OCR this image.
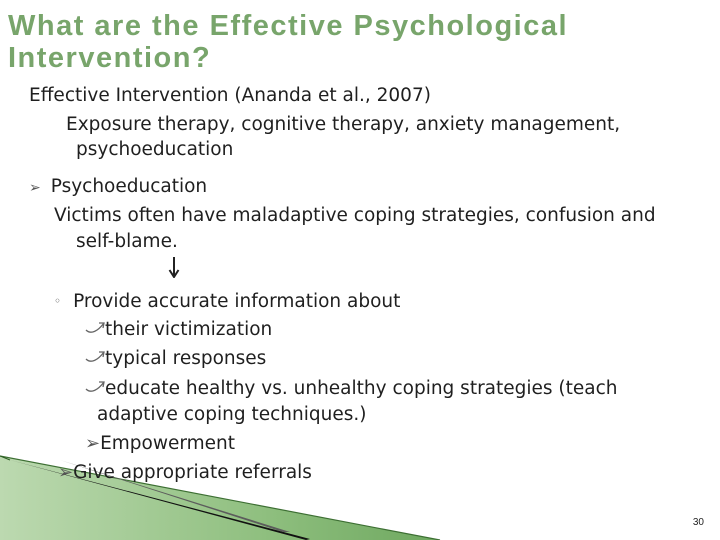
What are the Effective Psychological
Intervention?
Effective Intervention (Ananda et al., 2007)
Exposure therapy, cognitive therapy, anxiety management,
psychoeducation
➢ Psychoeducation
Victims often have maladaptive coping strategies, confusion and
self-blame.
◦ Provide accurate information about
their victimization
typical responses
educate healthy vs. unhealthy coping strategies (teach
adaptive coping techniques.)
➢Empowerment
➢Give appropriate referrals
30
